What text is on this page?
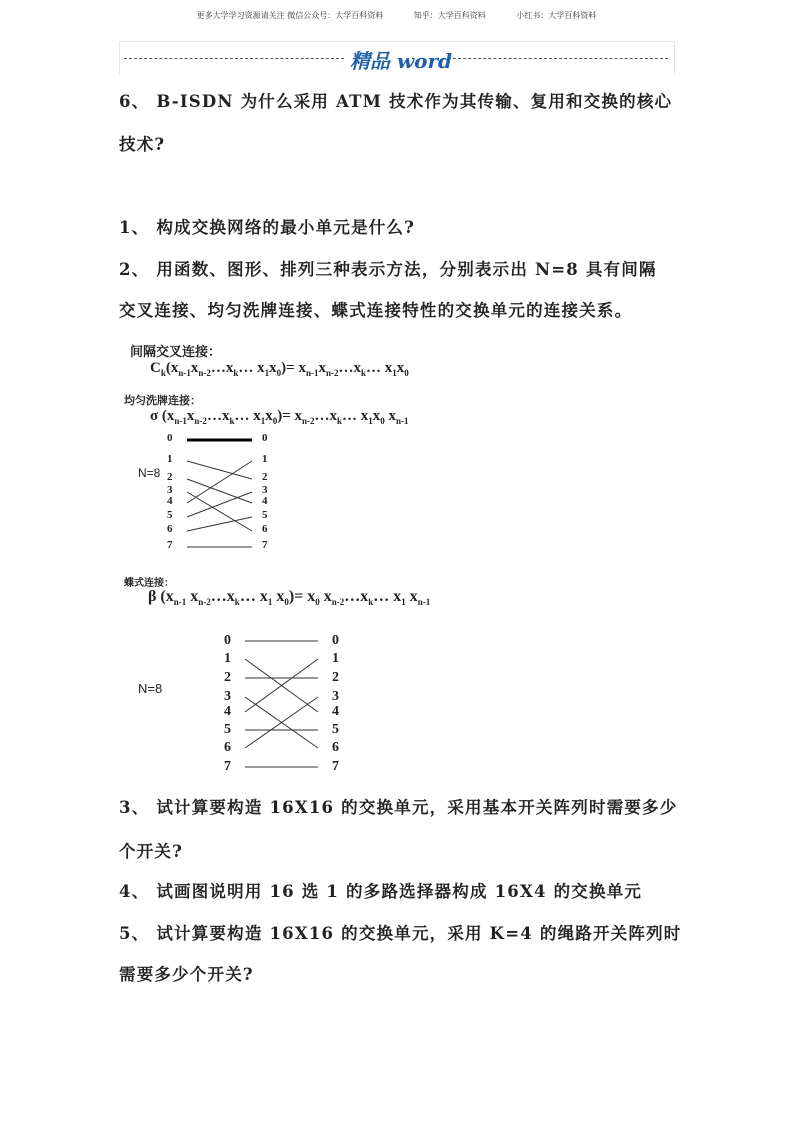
更多大学学习资源请关注 微信公众号：大学百科资料	知乎：大学百科资料	小红书：大学百科资料
精品 word
6、 B-ISDN 为什么采用 ATM 技术作为其传输、复用和交换的核心
技术?
1、 构成交换网络的最小单元是什么?
2、 用函数、图形、排列三种表示方法，分别表示出 N=8 具有间隔
交叉连接、均匀洗牌连接、蝶式连接特性的交换单元的连接关系。
间隔交叉连接：
$C_k(x_{n-1}x_{n-2}\dots x_k\dots$ $x_1x_0)=$ $x_{n-1}x_{n-2}\dots x_k\dots$ $x_1x_0$
均匀洗牌连接：
σ ($x_{n-1}x_{n-2}\dots x_k\dots$ $x_1x_0)=$ $x_{n-2}\dots x_k\dots$ $x_1x_0$ $x_{n-1}$
N=8
蝶式连接：
β ($x_{n-1}$ $x_{n-2}\dots x_k\dots$ $x_1$ $x_0)= x_0$ $x_{n-2}\dots x_k\dots$ $x_1$ $x_{n-1}$
N=8
0	0
1	1
2	2
3	3
4	4
5	5
6	6
7	7
0	0
1	1
2	2
3	3
4	4
5	5
6	6
7	7
3、 试计算要构造 16X16 的交换单元，采用基本开关阵列时需要多少
个开关?
4、 试画图说明用 16 选 1 的多路选择器构成 16X4 的交换单元
5、 试计算要构造 16X16 的交换单元，采用 K=4 的绳路开关阵列时
需要多少个开关?
